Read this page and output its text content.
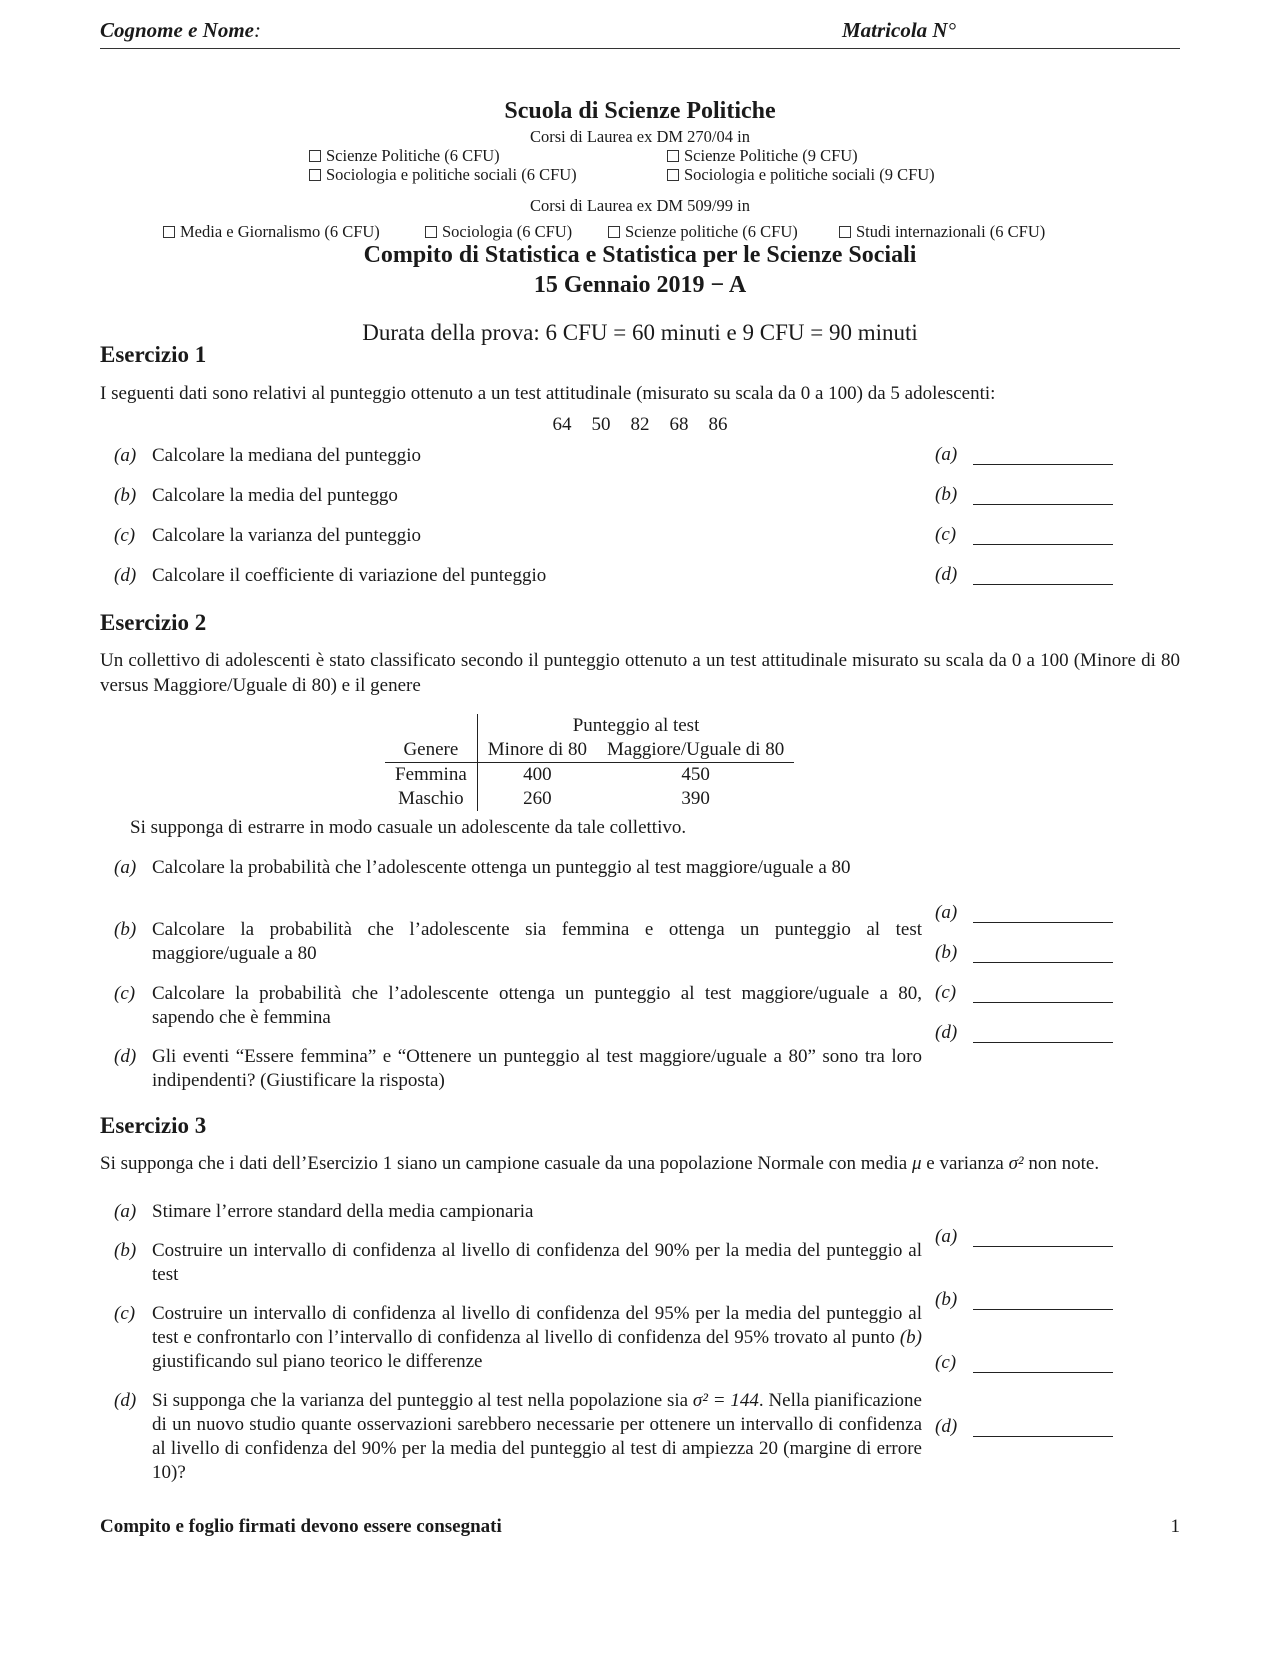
Cognome e Nome:	Matricola N°
Scuola di Scienze Politiche
Corsi di Laurea ex DM 270/04 in
Scienze Politiche (6 CFU)	Scienze Politiche (9 CFU)
Sociologia e politiche sociali (6 CFU)	Sociologia e politiche sociali (9 CFU)
Corsi di Laurea ex DM 509/99 in
Media e Giornalismo (6 CFU)	Sociologia (6 CFU)	Scienze politiche (6 CFU)	Studi internazionali (6 CFU)
Compito di Statistica e Statistica per le Scienze Sociali
15 Gennaio 2019 − A
Durata della prova: 6 CFU = 60 minuti e 9 CFU = 90 minuti
Esercizio 1
I seguenti dati sono relativi al punteggio ottenuto a un test attitudinale (misurato su scala da 0 a 100) da 5 adolescenti:
64 50 82 68 86
(a) Calcolare la mediana del punteggio
(b) Calcolare la media del punteggo
(c) Calcolare la varianza del punteggio
(d) Calcolare il coefficiente di variazione del punteggio
(a)
(b)
(c)
(d)
Esercizio 2
Un collettivo di adolescenti è stato classificato secondo il punteggio ottenuto a un test attitudinale misurato su scala da 0 a 100 (Minore di 80 versus Maggiore/Uguale di 80) e il genere
	Punteggio al test	
Genere	Minore di 80	Maggiore/Uguale di 80
Femmina	400	450
Maschio	260	390
Si supponga di estrarre in modo casuale un adolescente da tale collettivo.
(a) Calcolare la probabilità che l’adolescente ottenga un punteggio al test maggiore/uguale a 80
(b) Calcolare la probabilità che l’adolescente sia femmina e ottenga un punteggio al test maggiore/uguale a 80
(c) Calcolare la probabilità che l’adolescente ottenga un punteggio al test maggiore/uguale a 80, sapendo che è femmina
(d) Gli eventi “Essere femmina” e “Ottenere un punteggio al test maggiore/uguale a 80” sono tra loro indipendenti? (Giustificare la risposta)
(a)
(b)
(c)
(d)
Esercizio 3
Si supponga che i dati dell’Esercizio 1 siano un campione casuale da una popolazione Normale con media μ e varianza σ² non note.
(a) Stimare l’errore standard della media campionaria
(b) Costruire un intervallo di confidenza al livello di confidenza del 90% per la media del punteggio al test
(c) Costruire un intervallo di confidenza al livello di confidenza del 95% per la media del punteggio al test e confrontarlo con l’intervallo di confidenza al livello di confidenza del 95% trovato al punto (b) giustificando sul piano teorico le differenze
(d) Si supponga che la varianza del punteggio al test nella popolazione sia σ² = 144. Nella pianificazione di un nuovo studio quante osservazioni sarebbero necessarie per ottenere un intervallo di confidenza al livello di confidenza del 90% per la media del punteggio al test di ampiezza 20 (margine di errore 10)?
(a)
(b)
(c)
(d)
Compito e foglio firmati devono essere consegnati	1
